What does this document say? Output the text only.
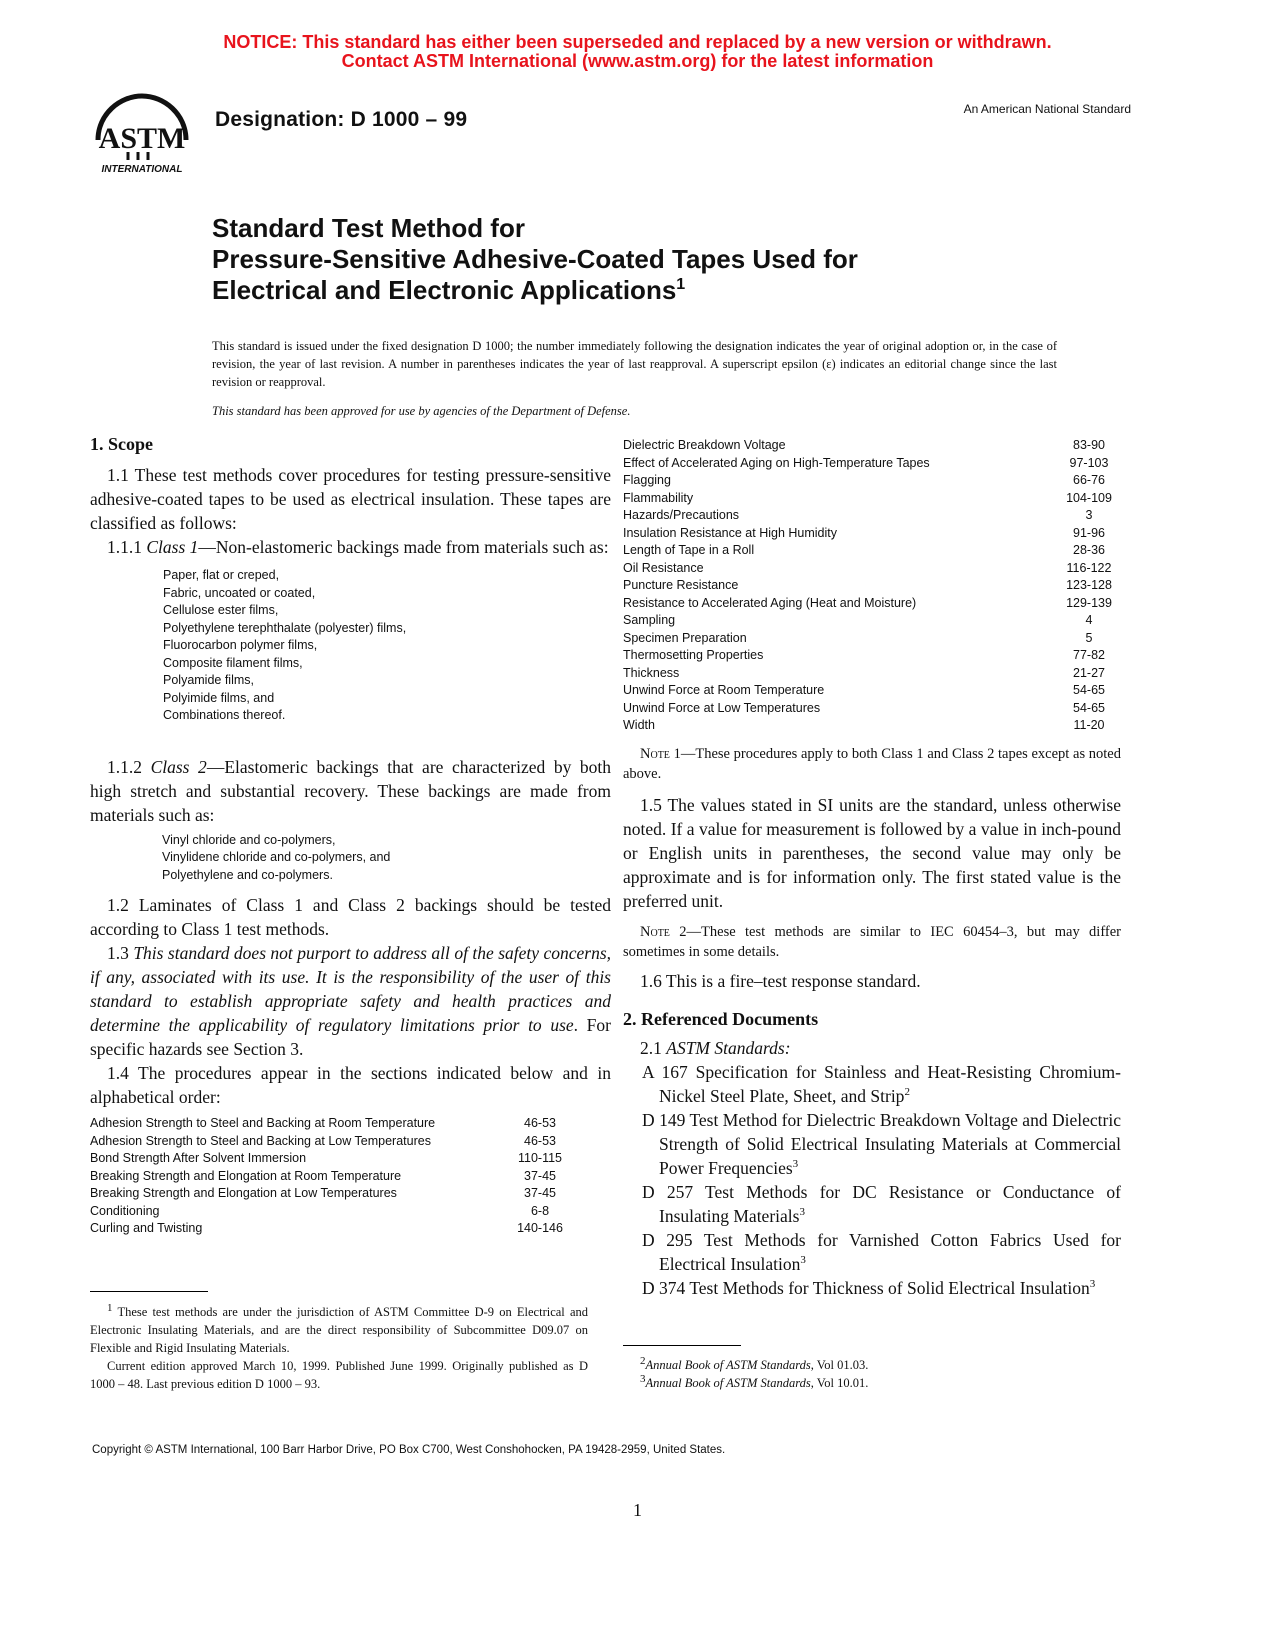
NOTICE: This standard has either been superseded and replaced by a new version or withdrawn.
Contact ASTM International (www.astm.org) for the latest information
ASTM
INTERNATIONAL
Designation: D 1000 – 99	An American National Standard
Standard Test Method for
Pressure-Sensitive Adhesive-Coated Tapes Used for
Electrical and Electronic Applications$^1$
This standard is issued under the fixed designation D 1000; the number immediately following the designation indicates the year of original adoption or, in the case of revision, the year of last revision. A number in parentheses indicates the year of last reapproval. A superscript epsilon (ε) indicates an editorial change since the last revision or reapproval.
This standard has been approved for use by agencies of the Department of Defense.

1. Scope

1.1 These test methods cover procedures for testing pressure-sensitive adhesive-coated tapes to be used as electrical insulation. These tapes are classified as follows:

1.1.1 Class 1—Non-elastomeric backings made from materials such as:

Paper, flat or creped,
Fabric, uncoated or coated,
Cellulose ester films,
Polyethylene terephthalate (polyester) films,
Fluorocarbon polymer films,
Composite filament films,
Polyamide films,
Polyimide films, and
Combinations thereof.

1.1.2 Class 2—Elastomeric backings that are characterized by both high stretch and substantial recovery. These backings are made from materials such as:

Vinyl chloride and co-polymers,
Vinylidene chloride and co-polymers, and
Polyethylene and co-polymers.

1.2 Laminates of Class 1 and Class 2 backings should be tested according to Class 1 test methods.

1.3 This standard does not purport to address all of the safety concerns, if any, associated with its use. It is the responsibility of the user of this standard to establish appropriate safety and health practices and determine the applicability of regulatory limitations prior to use. For specific hazards see Section 3.

1.4 The procedures appear in the sections indicated below and in alphabetical order:

Adhesion Strength to Steel and Backing at Room Temperature	46-53
Adhesion Strength to Steel and Backing at Low Temperatures	46-53
Bond Strength After Solvent Immersion	110-115
Breaking Strength and Elongation at Room Temperature	37-45
Breaking Strength and Elongation at Low Temperatures	37-45
Conditioning	6-8
Curling and Twisting	140-146
$^1$ These test methods are under the jurisdiction of ASTM Committee D-9 on Electrical and Electronic Insulating Materials, and are the direct responsibility of Subcommittee D09.07 on Flexible and Rigid Insulating Materials.
Current edition approved March 10, 1999. Published June 1999. Originally published as D 1000 – 48. Last previous edition D 1000 – 93.
Dielectric Breakdown Voltage	83-90
Effect of Accelerated Aging on High-Temperature Tapes	97-103
Flagging	66-76
Flammability	104-109
Hazards/Precautions	3
Insulation Resistance at High Humidity	91-96
Length of Tape in a Roll	28-36
Oil Resistance	116-122
Puncture Resistance	123-128
Resistance to Accelerated Aging (Heat and Moisture)	129-139
Sampling	4
Specimen Preparation	5
Thermosetting Properties	77-82
Thickness	21-27
Unwind Force at Room Temperature	54-65
Unwind Force at Low Temperatures	54-65
Width	11-20

Note 1—These procedures apply to both Class 1 and Class 2 tapes except as noted above.

1.5 The values stated in SI units are the standard, unless otherwise noted. If a value for measurement is followed by a value in inch-pound or English units in parentheses, the second value may only be approximate and is for information only. The first stated value is the preferred unit.

Note 2—These test methods are similar to IEC 60454–3, but may differ sometimes in some details.

1.6 This is a fire–test response standard.

2. Referenced Documents

2.1 ASTM Standards:

A 167 Specification for Stainless and Heat-Resisting Chromium-Nickel Steel Plate, Sheet, and Strip$^2$

D 149 Test Method for Dielectric Breakdown Voltage and Dielectric Strength of Solid Electrical Insulating Materials at Commercial Power Frequencies$^3$

D 257 Test Methods for DC Resistance or Conductance of Insulating Materials$^3$

D 295 Test Methods for Varnished Cotton Fabrics Used for Electrical Insulation$^3$

D 374 Test Methods for Thickness of Solid Electrical Insulation$^3$

$^2$Annual Book of ASTM Standards, Vol 01.03.
$^3$Annual Book of ASTM Standards, Vol 10.01.
Copyright © ASTM International, 100 Barr Harbor Drive, PO Box C700, West Conshohocken, PA 19428-2959, United States.
1
